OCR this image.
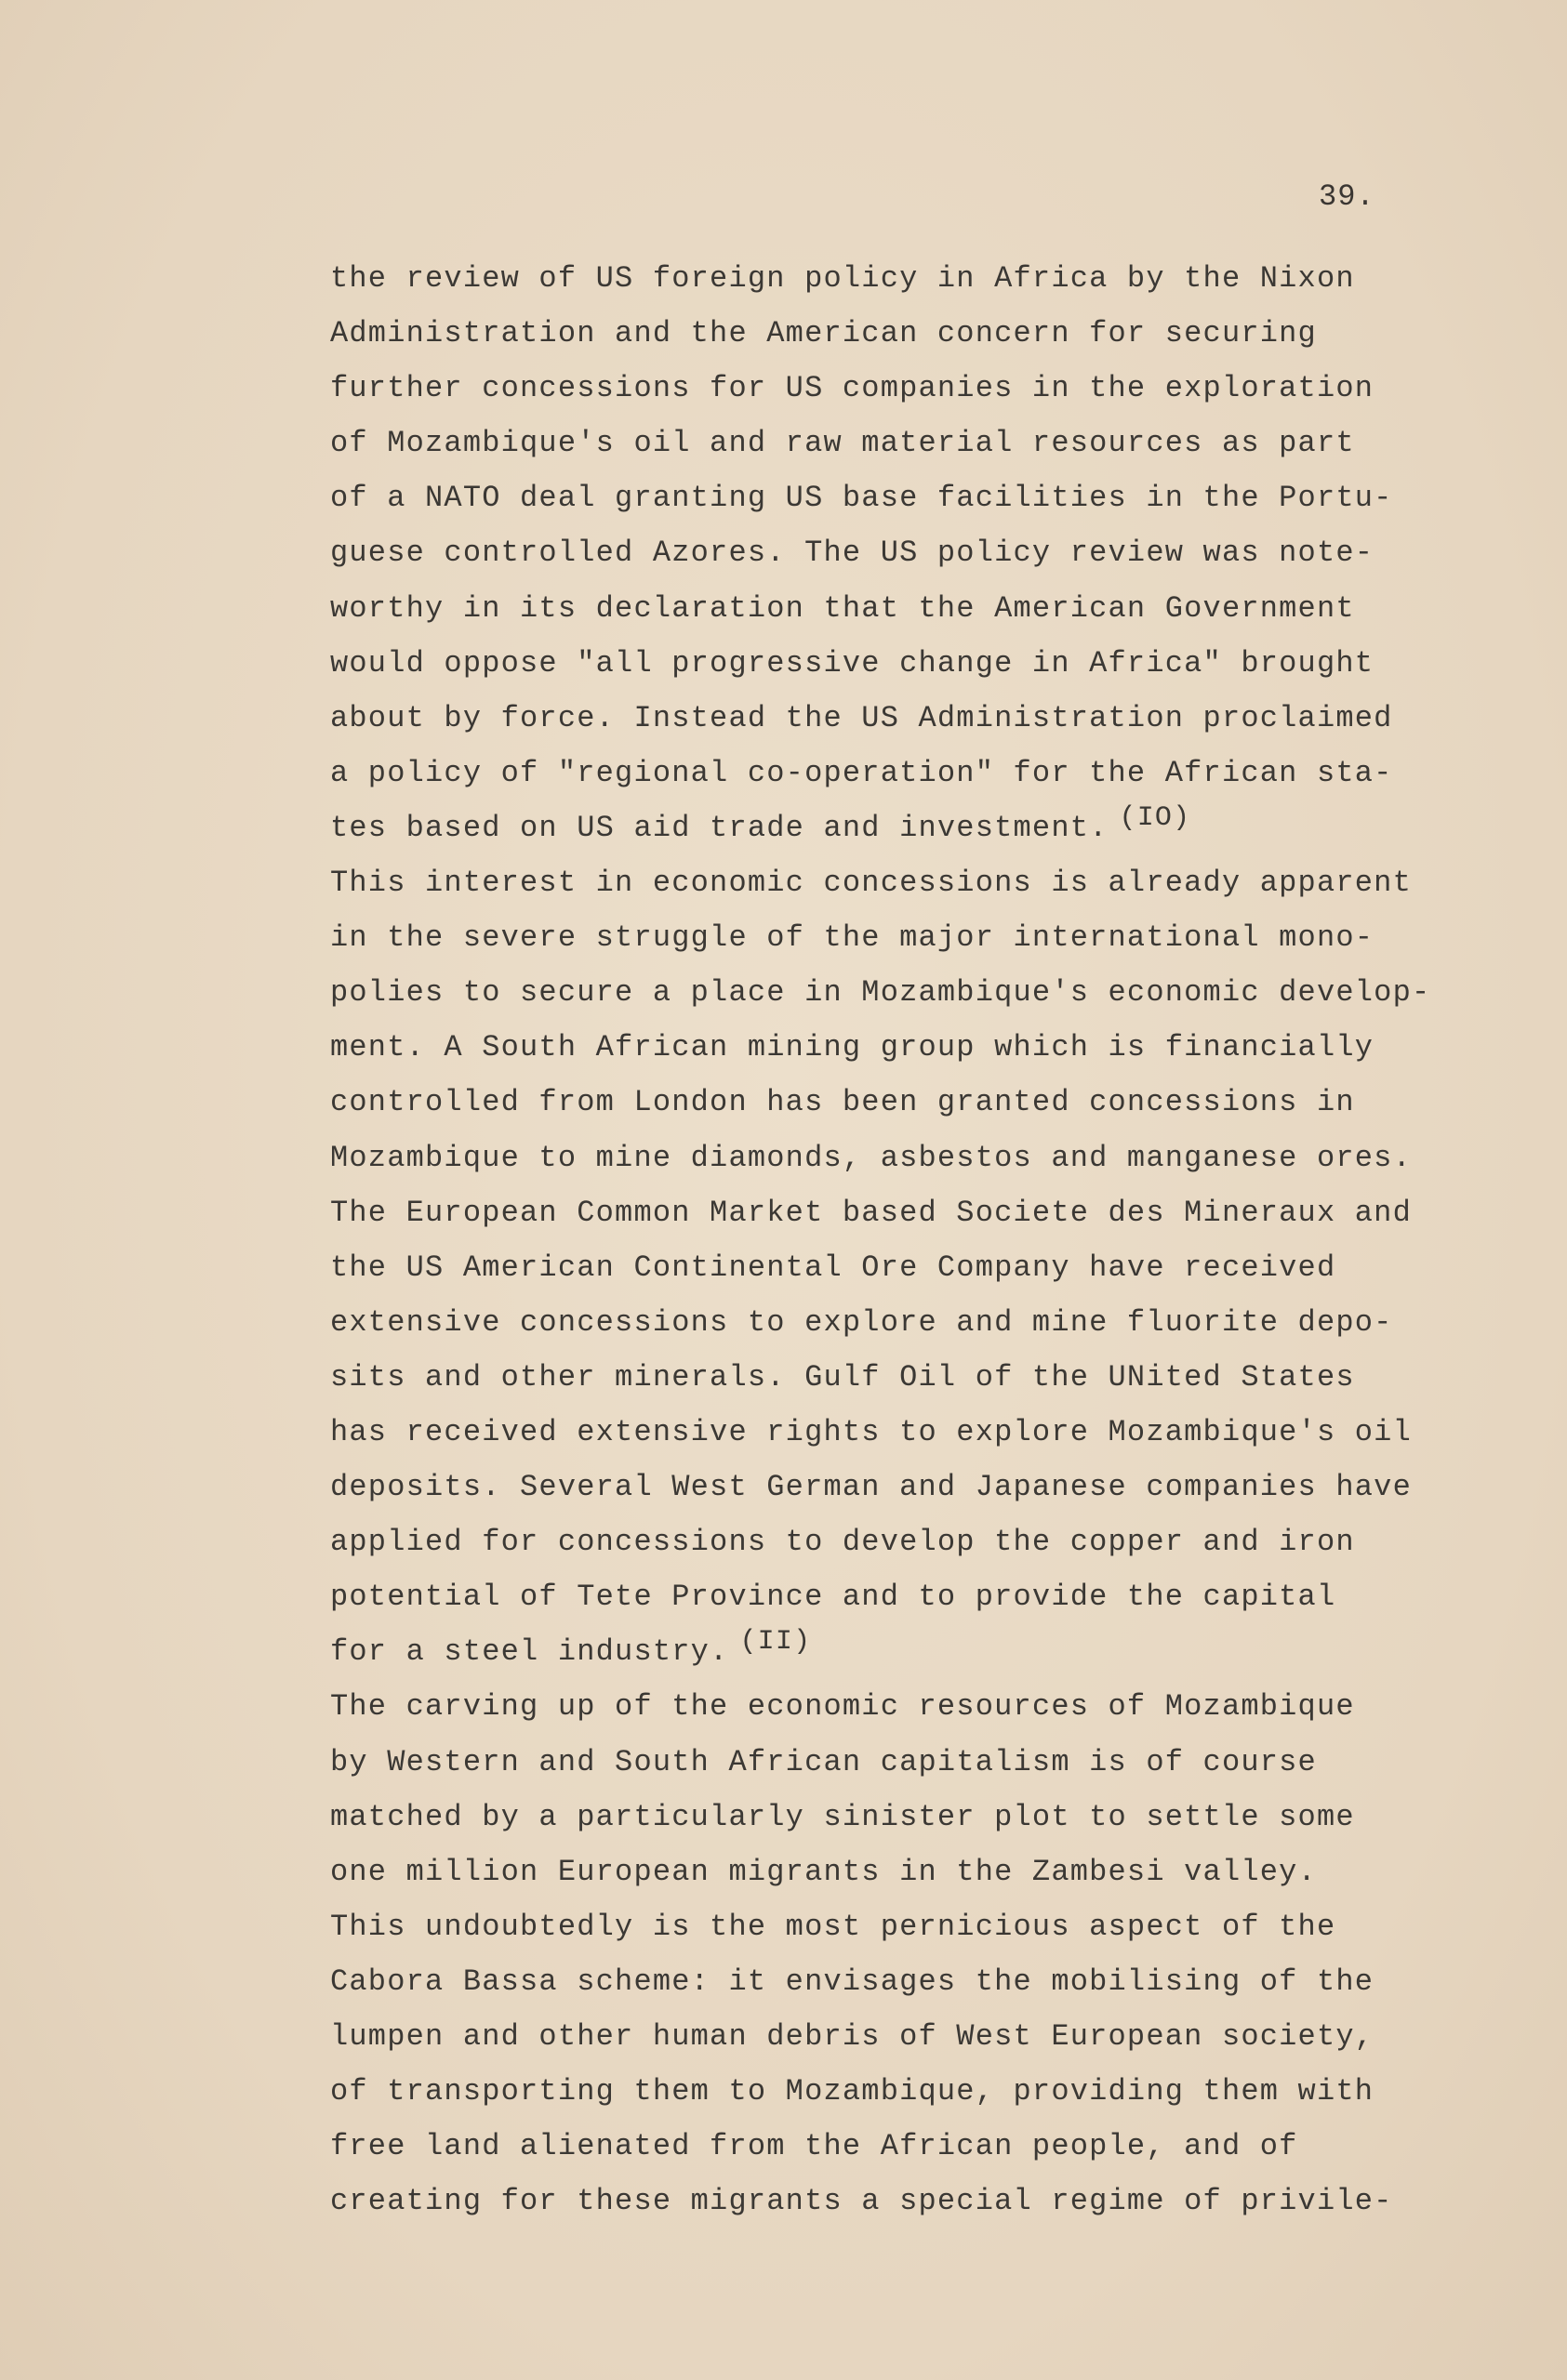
39.
the review of US foreign policy in Africa by the Nixon
Administration and the American concern for securing
further concessions for US companies in the exploration
of Mozambique's oil and raw material resources as part
of a NATO deal granting US base facilities in the Portu-
guese controlled Azores. The US policy review was note-
worthy in its declaration that the American Government
would oppose "all progressive change in Africa" brought
about by force. Instead the US Administration proclaimed
a policy of "regional co-operation" for the African sta-
tes based on US aid trade and investment. $^{(IO)}$
This interest in economic concessions is already apparent
in the severe struggle of the major international mono-
polies to secure a place in Mozambique's economic develop-
ment. A South African mining group which is financially
controlled from London has been granted concessions in
Mozambique to mine diamonds, asbestos and manganese ores.
The European Common Market based Societe des Mineraux and
the US American Continental Ore Company have received
extensive concessions to explore and mine fluorite depo-
sits and other minerals. Gulf Oil of the UNited States
has received extensive rights to explore Mozambique's oil
deposits. Several West German and Japanese companies have
applied for concessions to develop the copper and iron
potential of Tete Province and to provide the capital
for a steel industry. $^{(II)}$
The carving up of the economic resources of Mozambique
by Western and South African capitalism is of course
matched by a particularly sinister plot to settle some
one million European migrants in the Zambesi valley.
This undoubtedly is the most pernicious aspect of the
Cabora Bassa scheme: it envisages the mobilising of the
lumpen and other human debris of West European society,
of transporting them to Mozambique, providing them with
free land alienated from the African people, and of
creating for these migrants a special regime of privile-
